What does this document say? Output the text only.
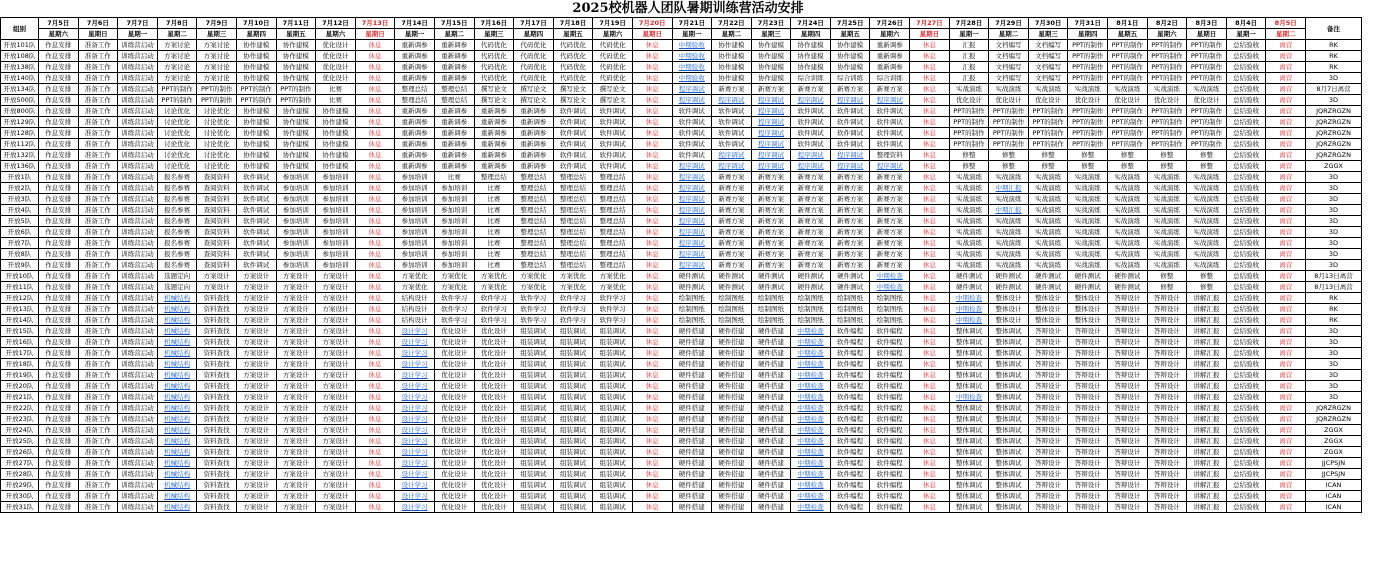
2025校机器人团队暑期训练营活动安排
组别	7月5日	7月6日	7月7日	7月8日	7月9日	7月10日	7月11日	7月12日	7月13日	7月14日	7月15日	7月16日	7月17日	7月18日	7月19日	7月20日	7月21日	7月22日	7月23日	7月24日	7月25日	7月26日	7月27日	7月28日	7月29日	7月30日	7月31日	8月1日	8月2日	8月3日	8月4日	8月5日	备注
	星期六	星期日	星期一	星期二	星期三	星期四	星期五	星期六	星期日	星期一	星期二	星期三	星期四	星期五	星期六	星期日	星期一	星期二	星期三	星期四	星期五	星期六	星期日	星期一	星期二	星期三	星期四	星期五	星期六	星期日	星期一	星期二	
开放101队	作息安排	准备工作	训练营启动	方案讨论	方案讨论	协作建模	协作建模	优化设计	休息	重新调参	重新调参	代码优化	代码优化	代码优化	代码优化	休息	中期验收	协作建模	协作建模	协作建模	协作建模	重新调参	休息	汇报	文档编写	文档编写	PPT的制作	PPT的制作	PPT的制作	PPT的制作	总结验收	离营	RK
开放108队	作息安排	准备工作	训练营启动	方案讨论	方案讨论	协作建模	协作建模	优化设计	休息	重新调参	重新调参	代码优化	代码优化	代码优化	代码优化	休息	中期验收	协作建模	协作建模	协作建模	协作建模	重新调参	休息	汇报	文档编写	文档编写	PPT的制作	PPT的制作	PPT的制作	PPT的制作	总结验收	离营	RK
开放138队	作息安排	准备工作	训练营启动	方案讨论	方案讨论	协作建模	协作建模	优化设计	休息	重新调参	重新调参	代码优化	代码优化	代码优化	代码优化	休息	中期验收	协作建模	协作建模	协作建模	协作建模	重新调参	休息	汇报	文档编写	文档编写	PPT的制作	PPT的制作	PPT的制作	PPT的制作	总结验收	离营	RK
开放140队	作息安排	准备工作	训练营启动	方案讨论	方案讨论	协作建模	协作建模	优化设计	休息	重新调参	重新调参	代码优化	代码优化	代码优化	代码优化	休息	中期验收	协作建模	协作建模	综合训练	综合训练	综合训练	休息	汇报	文档编写	文档编写	PPT的制作	PPT的制作	PPT的制作	PPT的制作	总结验收	离营	3D
开放134队	作息安排	准备工作	训练营启动	PPT的制作	PPT的制作	PPT的制作	PPT的制作	比赛	休息	整理总结	整理总结	撰写论文	撰写论文	撰写论文	撰写论文	休息	程序调试	新赛方案	新赛方案	新赛方案	新赛方案	新赛方案	休息	实战演练	实战演练	实战演练	实战演练	实战演练	实战演练	实战演练	总结验收	离营	8月7日离营
开放500队	作息安排	准备工作	训练营启动	PPT的制作	PPT的制作	PPT的制作	PPT的制作	比赛	休息	整理总结	整理总结	撰写论文	撰写论文	撰写论文	撰写论文	休息	程序调试	程序调试	程序调试	程序调试	程序调试	程序调试	休息	优化设计	优化设计	优化设计	优化设计	优化设计	优化设计	优化设计	总结验收	离营	3D
开放800队	作息安排	准备工作	训练营启动	讨论优化	讨论优化	协作建模	协作建模	协作建模	休息	重新调参	重新调参	重新调参	重新调参	软件调试	软件调试	休息	软件调试	软件调试	程序调试	软件调试	软件调试	软件调试	休息	PPT的制作	PPT的制作	PPT的制作	PPT的制作	PPT的制作	PPT的制作	PPT的制作	总结验收	离营	JQRZRGZN
开放129队	作息安排	准备工作	训练营启动	讨论优化	讨论优化	协作建模	协作建模	协作建模	休息	重新调参	重新调参	重新调参	重新调参	软件调试	软件调试	休息	软件调试	软件调试	程序调试	软件调试	软件调试	软件调试	休息	PPT的制作	PPT的制作	PPT的制作	PPT的制作	PPT的制作	PPT的制作	PPT的制作	总结验收	离营	JQRZRGZN
开放128队	作息安排	准备工作	训练营启动	讨论优化	讨论优化	协作建模	协作建模	协作建模	休息	重新调参	重新调参	重新调参	重新调参	软件调试	软件调试	休息	软件调试	软件调试	程序调试	软件调试	软件调试	软件调试	休息	PPT的制作	PPT的制作	PPT的制作	PPT的制作	PPT的制作	PPT的制作	PPT的制作	总结验收	离营	JQRZRGZN
开放112队	作息安排	准备工作	训练营启动	讨论优化	讨论优化	协作建模	协作建模	协作建模	休息	重新调参	重新调参	重新调参	重新调参	软件调试	软件调试	休息	软件调试	软件调试	程序调试	软件调试	软件调试	软件调试	休息	PPT的制作	PPT的制作	PPT的制作	PPT的制作	PPT的制作	PPT的制作	PPT的制作	总结验收	离营	JQRZRGZN
开放132队	作息安排	准备工作	训练营启动	讨论优化	讨论优化	协作建模	协作建模	协作建模	休息	重新调参	重新调参	重新调参	重新调参	软件调试	软件调试	休息	软件调试	程序调试	程序调试	程序调试	程序调试	整理资料	休息	修整	修整	修整	修整	修整	修整	修整	总结验收	离营	JQRZRGZN
开放136队	作息安排	准备工作	训练营启动	讨论优化	讨论优化	协作建模	协作建模	协作建模	休息	重新调参	重新调参	重新调参	重新调参	软件调试	软件调试	休息	程序调试	程序调试	程序调试	程序调试	程序调试	程序调试	休息	修整	修整	修整	修整	修整	修整	修整	总结验收	离营	ZGGX
开放1队	作息安排	准备工作	训练营启动	报名参赛	查阅资料	软件调试	参加培训	参加培训	休息	参加培训	比赛	整理总结	整理总结	整理总结	整理总结	休息	程序调试	新赛方案	新赛方案	新赛方案	新赛方案	新赛方案	休息	实战演练	实战演练	实战演练	实战演练	实战演练	实战演练	实战演练	总结验收	离营	3D
开放2队	作息安排	准备工作	训练营启动	报名参赛	查阅资料	软件调试	参加培训	参加培训	休息	参加培训	参加培训	比赛	整理总结	整理总结	整理总结	休息	程序调试	新赛方案	新赛方案	新赛方案	新赛方案	新赛方案	休息	实战演练	中期汇报	实战演练	实战演练	实战演练	实战演练	实战演练	总结验收	离营	3D
开放3队	作息安排	准备工作	训练营启动	报名参赛	查阅资料	软件调试	参加培训	参加培训	休息	参加培训	参加培训	比赛	整理总结	整理总结	整理总结	休息	程序调试	新赛方案	新赛方案	新赛方案	新赛方案	新赛方案	休息	实战演练	实战演练	实战演练	实战演练	实战演练	实战演练	实战演练	总结验收	离营	3D
开放4队	作息安排	准备工作	训练营启动	报名参赛	查阅资料	软件调试	参加培训	参加培训	休息	参加培训	参加培训	比赛	整理总结	整理总结	整理总结	休息	程序调试	新赛方案	新赛方案	新赛方案	新赛方案	新赛方案	休息	实战演练	中期汇报	实战演练	实战演练	实战演练	实战演练	实战演练	总结验收	离营	3D
开放5队	作息安排	准备工作	训练营启动	报名参赛	查阅资料	软件调试	参加培训	参加培训	休息	参加培训	参加培训	比赛	整理总结	整理总结	整理总结	休息	程序调试	新赛方案	新赛方案	新赛方案	新赛方案	新赛方案	休息	实战演练	实战演练	实战演练	实战演练	实战演练	实战演练	实战演练	总结验收	离营	3D
开放6队	作息安排	准备工作	训练营启动	报名参赛	查阅资料	软件调试	参加培训	参加培训	休息	参加培训	参加培训	比赛	整理总结	整理总结	整理总结	休息	程序调试	新赛方案	新赛方案	新赛方案	新赛方案	新赛方案	休息	实战演练	实战演练	实战演练	实战演练	实战演练	实战演练	实战演练	总结验收	离营	3D
开放7队	作息安排	准备工作	训练营启动	报名参赛	查阅资料	软件调试	参加培训	参加培训	休息	参加培训	参加培训	比赛	整理总结	整理总结	整理总结	休息	程序调试	新赛方案	新赛方案	新赛方案	新赛方案	新赛方案	休息	实战演练	实战演练	实战演练	实战演练	实战演练	实战演练	实战演练	总结验收	离营	3D
开放8队	作息安排	准备工作	训练营启动	报名参赛	查阅资料	软件调试	参加培训	参加培训	休息	参加培训	参加培训	比赛	整理总结	整理总结	整理总结	休息	程序调试	新赛方案	新赛方案	新赛方案	新赛方案	新赛方案	休息	实战演练	实战演练	实战演练	实战演练	实战演练	实战演练	实战演练	总结验收	离营	3D
开放9队	作息安排	准备工作	训练营启动	报名参赛	查阅资料	软件调试	参加培训	参加培训	休息	参加培训	参加培训	比赛	整理总结	整理总结	整理总结	休息	程序调试	新赛方案	新赛方案	新赛方案	新赛方案	新赛方案	休息	实战演练	实战演练	实战演练	实战演练	实战演练	实战演练	实战演练	总结验收	离营	3D
开放10队	作息安排	准备工作	训练营启动	选题定向	方案设计	方案设计	方案设计	方案设计	休息	方案优化	方案优化	方案优化	方案优化	方案优化	方案优化	休息	硬件测试	硬件测试	硬件测试	硬件测试	硬件测试	中期检查	休息	硬件测试	硬件测试	硬件测试	硬件测试	硬件测试	修整	修整	总结验收	离营	8月13日离营
开放11队	作息安排	准备工作	训练营启动	选题定向	方案设计	方案设计	方案设计	方案设计	休息	方案优化	方案优化	方案优化	方案优化	方案优化	方案优化	休息	硬件测试	硬件测试	硬件测试	硬件测试	硬件测试	中期检查	休息	硬件测试	硬件测试	硬件测试	硬件测试	硬件测试	修整	修整	总结验收	离营	8月13日离营
开放12队	作息安排	准备工作	训练营启动	机械结构	资料查找	方案设计	方案设计	方案设计	休息	结构设计	软件学习	软件学习	软件学习	软件学习	软件学习	休息	绘制图纸	绘制图纸	绘制图纸	绘制图纸	绘制图纸	绘制图纸	休息	中期检查	整体设计	整体设计	整体设计	答辩设计	答辩设计	讲解汇报	总结验收	离营	RK
开放13队	作息安排	准备工作	训练营启动	机械结构	资料查找	方案设计	方案设计	方案设计	休息	结构设计	软件学习	软件学习	软件学习	软件学习	软件学习	休息	绘制图纸	绘制图纸	绘制图纸	绘制图纸	绘制图纸	绘制图纸	休息	中期检查	整体设计	整体设计	整体设计	答辩设计	答辩设计	讲解汇报	总结验收	离营	RK
开放14队	作息安排	准备工作	训练营启动	机械结构	资料查找	方案设计	方案设计	方案设计	休息	结构设计	软件学习	软件学习	软件学习	软件学习	软件学习	休息	绘制图纸	绘制图纸	绘制图纸	绘制图纸	绘制图纸	绘制图纸	休息	中期检查	整体设计	整体设计	整体设计	答辩设计	答辩设计	讲解汇报	总结验收	离营	RK
开放15队	作息安排	准备工作	训练营启动	机械结构	资料查找	方案设计	方案设计	方案设计	休息	设计学习	优化设计	优化设计	组装调试	组装调试	组装调试	休息	硬件搭建	硬件搭建	硬件搭建	中期检查	软件编程	软件编程	休息	整体调试	整体调试	答辩设计	答辩设计	答辩设计	答辩设计	讲解汇报	总结验收	离营	3D
开放16队	作息安排	准备工作	训练营启动	机械结构	资料查找	方案设计	方案设计	方案设计	休息	设计学习	优化设计	优化设计	组装调试	组装调试	组装调试	休息	硬件搭建	硬件搭建	硬件搭建	中期检查	软件编程	软件编程	休息	整体调试	整体调试	答辩设计	答辩设计	答辩设计	答辩设计	讲解汇报	总结验收	离营	3D
开放17队	作息安排	准备工作	训练营启动	机械结构	资料查找	方案设计	方案设计	方案设计	休息	设计学习	优化设计	优化设计	组装调试	组装调试	组装调试	休息	硬件搭建	硬件搭建	硬件搭建	中期检查	软件编程	软件编程	休息	整体调试	整体调试	答辩设计	答辩设计	答辩设计	答辩设计	讲解汇报	总结验收	离营	3D
开放18队	作息安排	准备工作	训练营启动	机械结构	资料查找	方案设计	方案设计	方案设计	休息	设计学习	优化设计	优化设计	组装调试	组装调试	组装调试	休息	硬件搭建	硬件搭建	硬件搭建	中期检查	软件编程	软件编程	休息	整体调试	整体调试	答辩设计	答辩设计	答辩设计	答辩设计	讲解汇报	总结验收	离营	3D
开放19队	作息安排	准备工作	训练营启动	机械结构	资料查找	方案设计	方案设计	方案设计	休息	设计学习	优化设计	优化设计	组装调试	组装调试	组装调试	休息	硬件搭建	硬件搭建	硬件搭建	中期检查	软件编程	软件编程	休息	整体调试	整体调试	答辩设计	答辩设计	答辩设计	答辩设计	讲解汇报	总结验收	离营	3D
开放20队	作息安排	准备工作	训练营启动	机械结构	资料查找	方案设计	方案设计	方案设计	休息	设计学习	优化设计	优化设计	组装调试	组装调试	组装调试	休息	硬件搭建	硬件搭建	硬件搭建	中期检查	软件编程	软件编程	休息	整体调试	整体调试	答辩设计	答辩设计	答辩设计	答辩设计	讲解汇报	总结验收	离营	3D
开放21队	作息安排	准备工作	训练营启动	机械结构	资料查找	方案设计	方案设计	方案设计	休息	设计学习	优化设计	优化设计	组装调试	组装调试	组装调试	休息	硬件搭建	硬件搭建	硬件搭建	中期检查	软件编程	软件编程	休息	中期检查	整体调试	答辩设计	答辩设计	答辩设计	答辩设计	讲解汇报	总结验收	离营	3D
开放22队	作息安排	准备工作	训练营启动	机械结构	资料查找	方案设计	方案设计	方案设计	休息	设计学习	优化设计	优化设计	组装调试	组装调试	组装调试	休息	硬件搭建	硬件搭建	硬件搭建	中期检查	软件编程	软件编程	休息	整体调试	整体调试	答辩设计	答辩设计	答辩设计	答辩设计	讲解汇报	总结验收	离营	JQRZRGZN
开放23队	作息安排	准备工作	训练营启动	机械结构	资料查找	方案设计	方案设计	方案设计	休息	设计学习	优化设计	优化设计	组装调试	组装调试	组装调试	休息	硬件搭建	硬件搭建	硬件搭建	中期检查	软件编程	软件编程	休息	整体调试	整体调试	答辩设计	答辩设计	答辩设计	答辩设计	讲解汇报	总结验收	离营	JQRZRGZN
开放24队	作息安排	准备工作	训练营启动	机械结构	资料查找	方案设计	方案设计	方案设计	休息	设计学习	优化设计	优化设计	组装调试	组装调试	组装调试	休息	硬件搭建	硬件搭建	硬件搭建	中期检查	软件编程	软件编程	休息	整体调试	整体调试	答辩设计	答辩设计	答辩设计	答辩设计	讲解汇报	总结验收	离营	ZGGX
开放25队	作息安排	准备工作	训练营启动	机械结构	资料查找	方案设计	方案设计	方案设计	休息	设计学习	优化设计	优化设计	组装调试	组装调试	组装调试	休息	硬件搭建	硬件搭建	硬件搭建	中期检查	软件编程	软件编程	休息	整体调试	整体调试	答辩设计	答辩设计	答辩设计	答辩设计	讲解汇报	总结验收	离营	ZGGX
开放26队	作息安排	准备工作	训练营启动	机械结构	资料查找	方案设计	方案设计	方案设计	休息	设计学习	优化设计	优化设计	组装调试	组装调试	组装调试	休息	硬件搭建	硬件搭建	硬件搭建	中期检查	软件编程	软件编程	休息	整体调试	整体调试	答辩设计	答辩设计	答辩设计	答辩设计	讲解汇报	总结验收	离营	ZGGX
开放27队	作息安排	准备工作	训练营启动	机械结构	资料查找	方案设计	方案设计	方案设计	休息	设计学习	优化设计	优化设计	组装调试	组装调试	组装调试	休息	硬件搭建	硬件搭建	硬件搭建	中期检查	软件编程	软件编程	休息	整体调试	整体调试	答辩设计	答辩设计	答辩设计	答辩设计	讲解汇报	总结验收	离营	JJCPSJN
开放28队	作息安排	准备工作	训练营启动	机械结构	资料查找	方案设计	方案设计	方案设计	休息	设计学习	优化设计	优化设计	组装调试	组装调试	组装调试	休息	硬件搭建	硬件搭建	硬件搭建	中期检查	软件编程	软件编程	休息	整体调试	整体调试	答辩设计	答辩设计	答辩设计	答辩设计	讲解汇报	总结验收	离营	JJCPSJN
开放29队	作息安排	准备工作	训练营启动	机械结构	资料查找	方案设计	方案设计	方案设计	休息	设计学习	优化设计	优化设计	组装调试	组装调试	组装调试	休息	硬件搭建	硬件搭建	硬件搭建	中期检查	软件编程	软件编程	休息	整体调试	整体调试	答辩设计	答辩设计	答辩设计	答辩设计	讲解汇报	总结验收	离营	ICAN
开放30队	作息安排	准备工作	训练营启动	机械结构	资料查找	方案设计	方案设计	方案设计	休息	设计学习	优化设计	优化设计	组装调试	组装调试	组装调试	休息	硬件搭建	硬件搭建	硬件搭建	中期检查	软件编程	软件编程	休息	整体调试	整体调试	答辩设计	答辩设计	答辩设计	答辩设计	讲解汇报	总结验收	离营	ICAN
开放31队	作息安排	准备工作	训练营启动	机械结构	资料查找	方案设计	方案设计	方案设计	休息	设计学习	优化设计	优化设计	组装调试	组装调试	组装调试	休息	硬件搭建	硬件搭建	硬件搭建	中期检查	软件编程	软件编程	休息	整体调试	整体调试	答辩设计	答辩设计	答辩设计	答辩设计	讲解汇报	总结验收	离营	ICAN
